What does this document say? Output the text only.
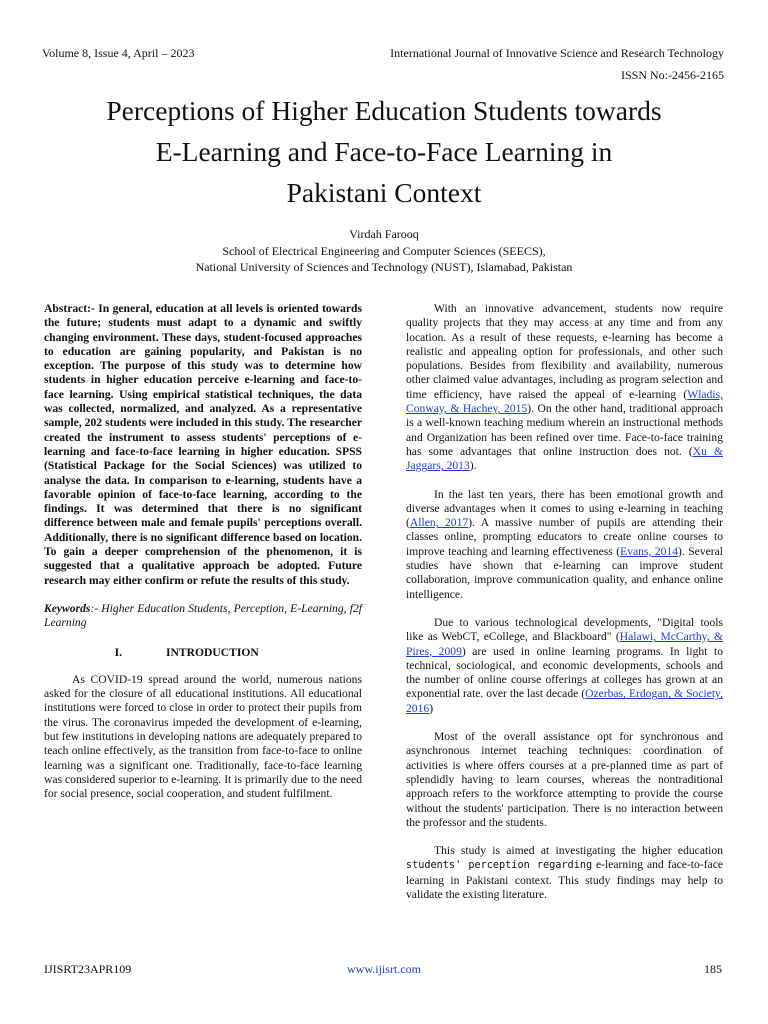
Volume 8, Issue 4, April – 2023	International Journal of Innovative Science and Research Technology
ISSN No:-2456-2165
Perceptions of Higher Education Students towards
E-Learning and Face-to-Face Learning in
Pakistani Context
Virdah Farooq
School of Electrical Engineering and Computer Sciences (SEECS),
National University of Sciences and Technology (NUST), Islamabad, Pakistan

Abstract:- In general, education at all levels is oriented towards the future; students must adapt to a dynamic and swiftly changing environment. These days, student-focused approaches to education are gaining popularity, and Pakistan is no exception. The purpose of this study was to determine how students in higher education perceive e-learning and face-to-face learning. Using empirical statistical techniques, the data was collected, normalized, and analyzed. As a representative sample, 202 students were included in this study. The researcher created the instrument to assess students' perceptions of e-learning and face-to-face learning in higher education. SPSS (Statistical Package for the Social Sciences) was utilized to analyse the data. In comparison to e-learning, students have a favorable opinion of face-to-face learning, according to the findings. It was determined that there is no significant difference between male and female pupils' perceptions overall. Additionally, there is no significant difference based on location. To gain a deeper comprehension of the phenomenon, it is suggested that a qualitative approach be adopted. Future research may either confirm or refute the results of this study.

Keywords:- Higher Education Students, Perception, E-Learning, f2f Learning

I.	INTRODUCTION

As COVID-19 spread around the world, numerous nations asked for the closure of all educational institutions. All educational institutions were forced to close in order to protect their pupils from the virus. The coronavirus impeded the development of e-learning, but few institutions in developing nations are adequately prepared to teach online effectively, as the transition from face-to-face to online learning was a significant one. Traditionally, face-to-face learning was considered superior to e-learning. It is primarily due to the need for social presence, social cooperation, and student fulfilment.

With an innovative advancement, students now require quality projects that they may access at any time and from any location. As a result of these requests, e-learning has become a realistic and appealing option for professionals, and other such populations. Besides from flexibility and availability, numerous other claimed value advantages, including as program selection and time efficiency, have raised the appeal of e-learning (Wladis, Conway, & Hachey, 2015). On the other hand, traditional approach is a well-known teaching medium wherein an instructional methods and Organization has been refined over time. Face-to-face training has some advantages that online instruction does not. (Xu & Jaggars, 2013).

In the last ten years, there has been emotional growth and diverse advantages when it comes to using e-learning in teaching (Allen, 2017). A massive number of pupils are attending their classes online, prompting educators to create online courses to improve teaching and learning effectiveness (Evans, 2014). Several studies have shown that e-learning can improve student collaboration, improve communication quality, and enhance online intelligence.

Due to various technological developments, "Digital tools like as WebCT, eCollege, and Blackboard" (Halawi, McCarthy, & Pires, 2009) are used in online learning programs. In light to technical, sociological, and economic developments, schools and the number of online course offerings at colleges has grown at an exponential rate. over the last decade (Ozerbas, Erdogan, & Society, 2016)

Most of the overall assistance opt for synchronous and asynchronous internet teaching techniques: coordination of activities is where offers courses at a pre-planned time as part of splendidly having to learn courses, whereas the nontraditional approach refers to the workforce attempting to provide the course without the students' participation. There is no interaction between the professor and the students.

This study is aimed at investigating the higher education students' perception regarding e-learning and face-to-face learning in Pakistani context. This study findings may help to validate the existing literature.

IJISRT23APR109	www.ijisrt.com	185
